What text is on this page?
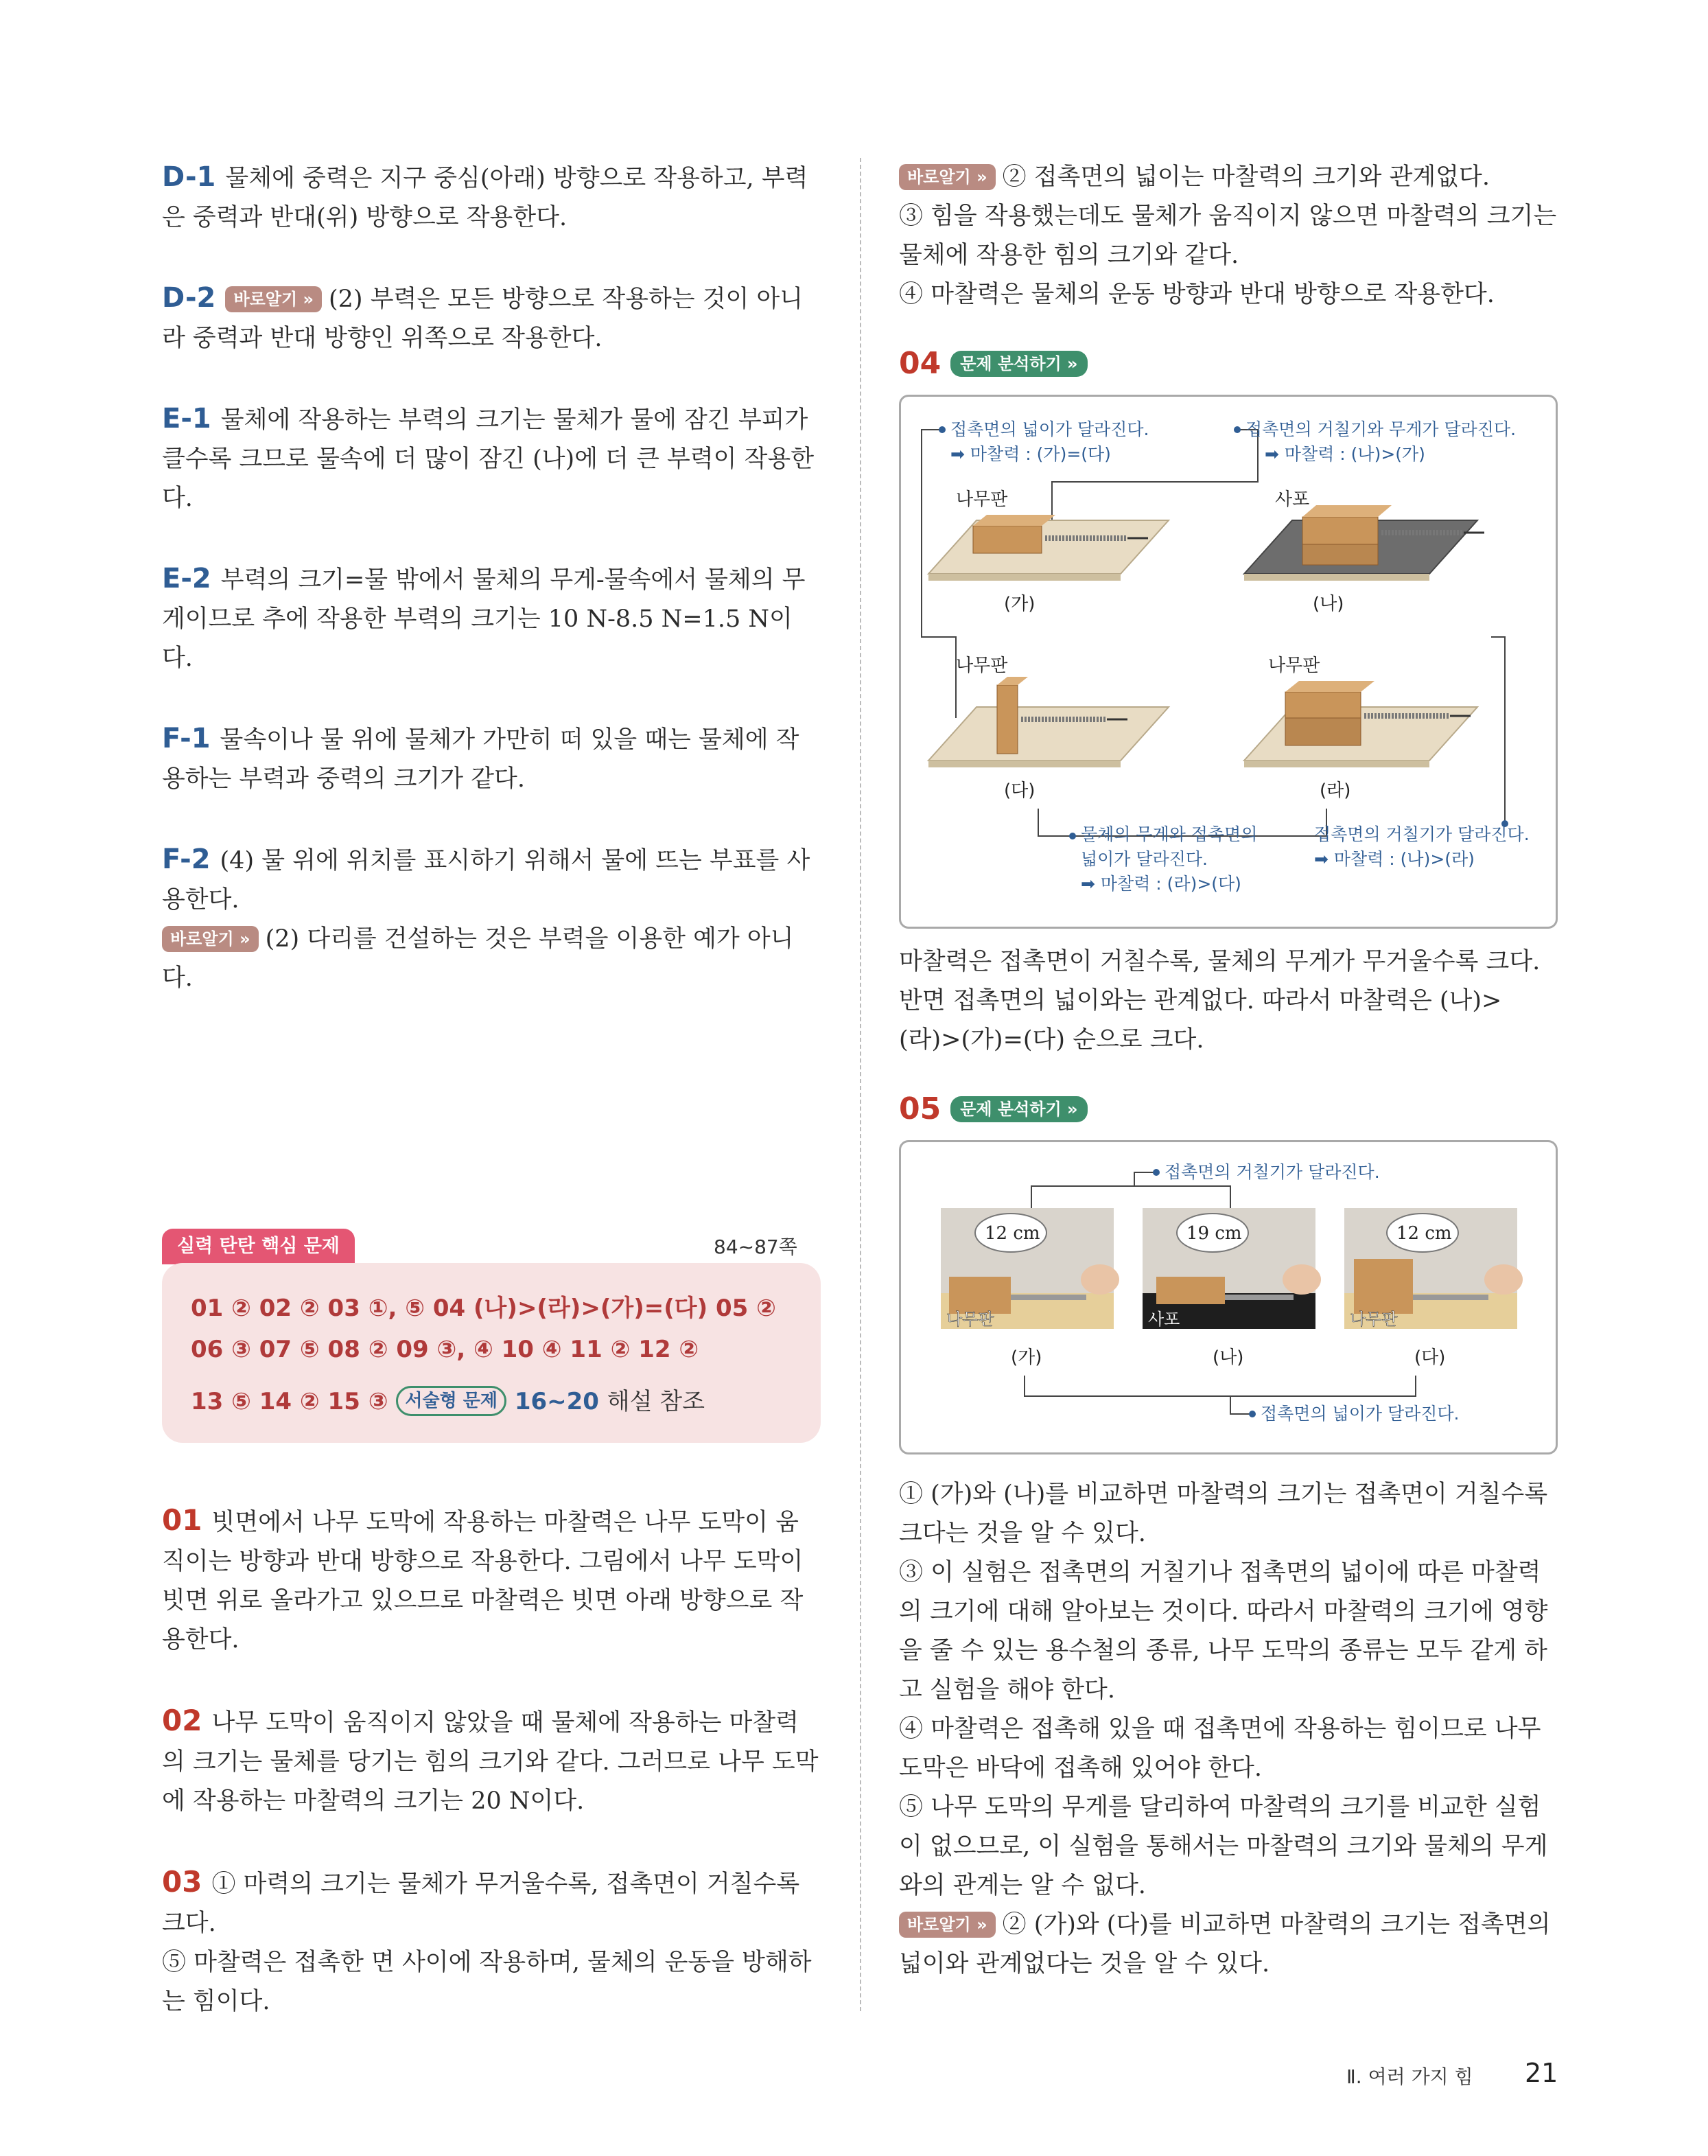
D-1 물체에 중력은 지구 중심(아래) 방향으로 작용하고, 부력은 중력과 반대(위) 방향으로 작용한다.

D-2 바로알기 » (2) 부력은 모든 방향으로 작용하는 것이 아니라 중력과 반대 방향인 위쪽으로 작용한다.

E-1 물체에 작용하는 부력의 크기는 물체가 물에 잠긴 부피가 클수록 크므로 물속에 더 많이 잠긴 (나)에 더 큰 부력이 작용한다.

E-2 부력의 크기=물 밖에서 물체의 무게-물속에서 물체의 무게이므로 추에 작용한 부력의 크기는 10 N-8.5 N=1.5 N이다.

F-1 물속이나 물 위에 물체가 가만히 떠 있을 때는 물체에 작용하는 부력과 중력의 크기가 같다.

F-2 (4) 물 위에 위치를 표시하기 위해서 물에 뜨는 부표를 사용한다.

바로알기 » (2) 다리를 건설하는 것은 부력을 이용한 예가 아니다.

실력 탄탄 핵심 문제	84~87쪽
01 ② 02 ② 03 ①, ⑤ 04 (나)>(라)>(가)=(다) 05 ②
06 ③ 07 ⑤ 08 ② 09 ③, ④ 10 ④ 11 ② 12 ②
13 ⑤ 14 ② 15 ③ 서술형 문제 16~20 해설 참조

01 빗면에서 나무 도막에 작용하는 마찰력은 나무 도막이 움직이는 방향과 반대 방향으로 작용한다. 그림에서 나무 도막이 빗면 위로 올라가고 있으므로 마찰력은 빗면 아래 방향으로 작용한다.

02 나무 도막이 움직이지 않았을 때 물체에 작용하는 마찰력의 크기는 물체를 당기는 힘의 크기와 같다. 그러므로 나무 도막에 작용하는 마찰력의 크기는 20 N이다.

03 ① 마력의 크기는 물체가 무거울수록, 접촉면이 거칠수록 크다.

⑤ 마찰력은 접촉한 면 사이에 작용하며, 물체의 운동을 방해하는 힘이다.

바로알기 » ② 접촉면의 넓이는 마찰력의 크기와 관계없다.

③ 힘을 작용했는데도 물체가 움직이지 않으면 마찰력의 크기는 물체에 작용한 힘의 크기와 같다.

④ 마찰력은 물체의 운동 방향과 반대 방향으로 작용한다.

04 문제 분석하기 »
접촉면의 넓이가 달라진다.
➡ 마찰력 : (가)=(다)
접촉면의 거칠기와 무게가 달라진다.
➡ 마찰력 : (나)>(가)
물체의 무게와 접촉면의
넓이가 달라진다.
➡ 마찰력 : (라)>(다)
접촉면의 거칠기가 달라진다.
➡ 마찰력 : (나)>(라)
나무판	사포
나무판	나무판
(가)	(나)
(다)	(라)

마찰력은 접촉면이 거칠수록, 물체의 무게가 무거울수록 크다. 반면 접촉면의 넓이와는 관계없다. 따라서 마찰력은 (나)>(라)>(가)=(다) 순으로 크다.

05 문제 분석하기 »
접촉면의 거칠기가 달라진다.
접촉면의 넓이가 달라진다.
12 cm	19 cm	12 cm
나무판	사포	나무판
(가)	(나)	(다)

① (가)와 (나)를 비교하면 마찰력의 크기는 접촉면이 거칠수록 크다는 것을 알 수 있다.

③ 이 실험은 접촉면의 거칠기나 접촉면의 넓이에 따른 마찰력의 크기에 대해 알아보는 것이다. 따라서 마찰력의 크기에 영향을 줄 수 있는 용수철의 종류, 나무 도막의 종류는 모두 같게 하고 실험을 해야 한다.

④ 마찰력은 접촉해 있을 때 접촉면에 작용하는 힘이므로 나무 도막은 바닥에 접촉해 있어야 한다.

⑤ 나무 도막의 무게를 달리하여 마찰력의 크기를 비교한 실험이 없으므로, 이 실험을 통해서는 마찰력의 크기와 물체의 무게와의 관계는 알 수 없다.

바로알기 » ② (가)와 (다)를 비교하면 마찰력의 크기는 접촉면의 넓이와 관계없다는 것을 알 수 있다.

Ⅱ. 여러 가지 힘 21
